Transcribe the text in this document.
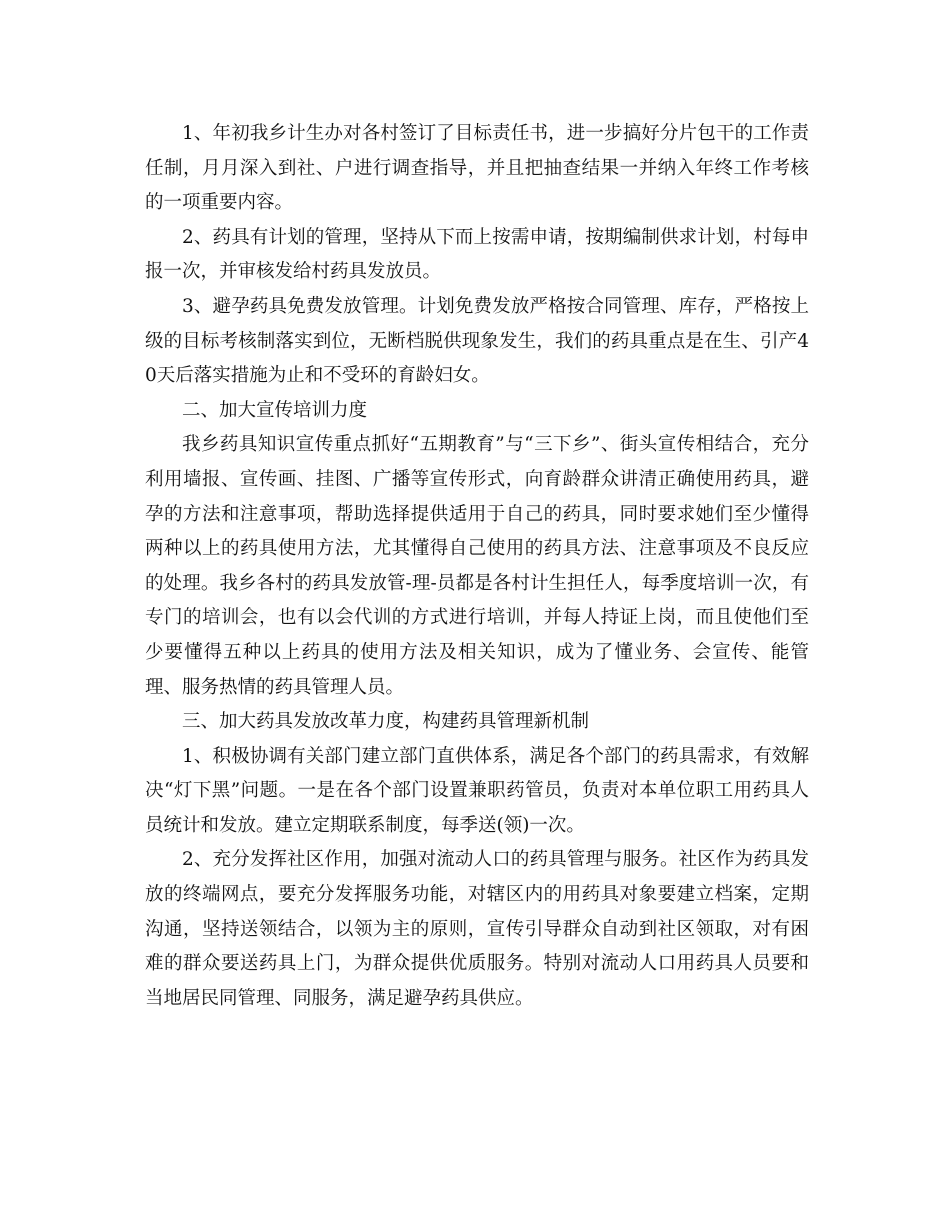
1、年初我乡计生办对各村签订了目标责任书，进一步搞好分片包干的工作责任制，月月深入到社、户进行调查指导，并且把抽查结果一并纳入年终工作考核的一项重要内容。

2、药具有计划的管理，坚持从下而上按需申请，按期编制供求计划，村每申报一次，并审核发给村药具发放员。

3、避孕药具免费发放管理。计划免费发放严格按合同管理、库存，严格按上级的目标考核制落实到位，无断档脱供现象发生，我们的药具重点是在生、引产40天后落实措施为止和不受环的育龄妇女。

二、加大宣传培训力度

我乡药具知识宣传重点抓好“五期教育”与“三下乡”、街头宣传相结合，充分利用墙报、宣传画、挂图、广播等宣传形式，向育龄群众讲清正确使用药具，避孕的方法和注意事项，帮助选择提供适用于自己的药具，同时要求她们至少懂得两种以上的药具使用方法，尤其懂得自己使用的药具方法、注意事项及不良反应的处理。我乡各村的药具发放管-理-员都是各村计生担任人，每季度培训一次，有专门的培训会，也有以会代训的方式进行培训，并每人持证上岗，而且使他们至少要懂得五种以上药具的使用方法及相关知识，成为了懂业务、会宣传、能管理、服务热情的药具管理人员。

三、加大药具发放改革力度，构建药具管理新机制

1、积极协调有关部门建立部门直供体系，满足各个部门的药具需求，有效解决“灯下黑”问题。一是在各个部门设置兼职药管员，负责对本单位职工用药具人员统计和发放。建立定期联系制度，每季送(领)一次。

2、充分发挥社区作用，加强对流动人口的药具管理与服务。社区作为药具发放的终端网点，要充分发挥服务功能，对辖区内的用药具对象要建立档案，定期沟通，坚持送领结合，以领为主的原则，宣传引导群众自动到社区领取，对有困难的群众要送药具上门，为群众提供优质服务。特别对流动人口用药具人员要和当地居民同管理、同服务，满足避孕药具供应。
